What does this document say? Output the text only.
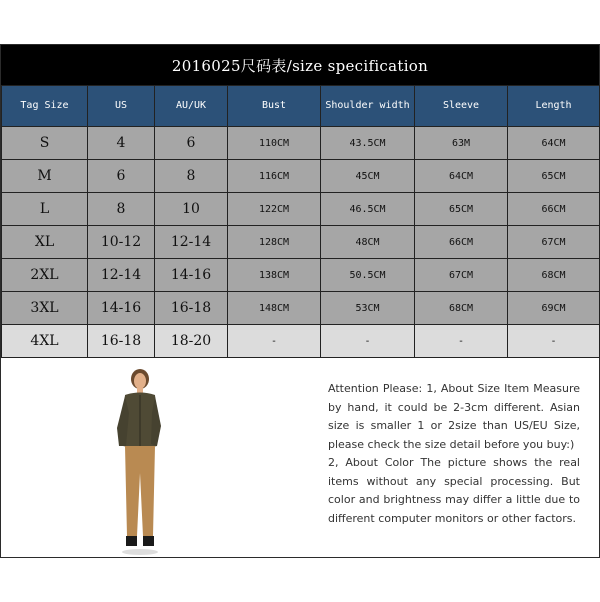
2016025尺码表/size specification
Tag Size	US	AU/UK	Bust	Shoulder width	Sleeve	Length
S	4	6	110CM	43.5CM	63M	64CM
M	6	8	116CM	45CM	64CM	65CM
L	8	10	122CM	46.5CM	65CM	66CM
XL	10-12	12-14	128CM	48CM	66CM	67CM
2XL	12-14	14-16	138CM	50.5CM	67CM	68CM
3XL	14-16	16-18	148CM	53CM	68CM	69CM
4XL	16-18	18-20	-	-	-	-

Attention Please: 1, About Size Item Measure by hand, it could be 2-3cm different. Asian size is smaller 1 or 2size than US/EU Size, please check the size detail before you buy:)

2, About Color The picture shows the real items without any special processing. But color and brightness may differ a little due to different computer monitors or other factors.
